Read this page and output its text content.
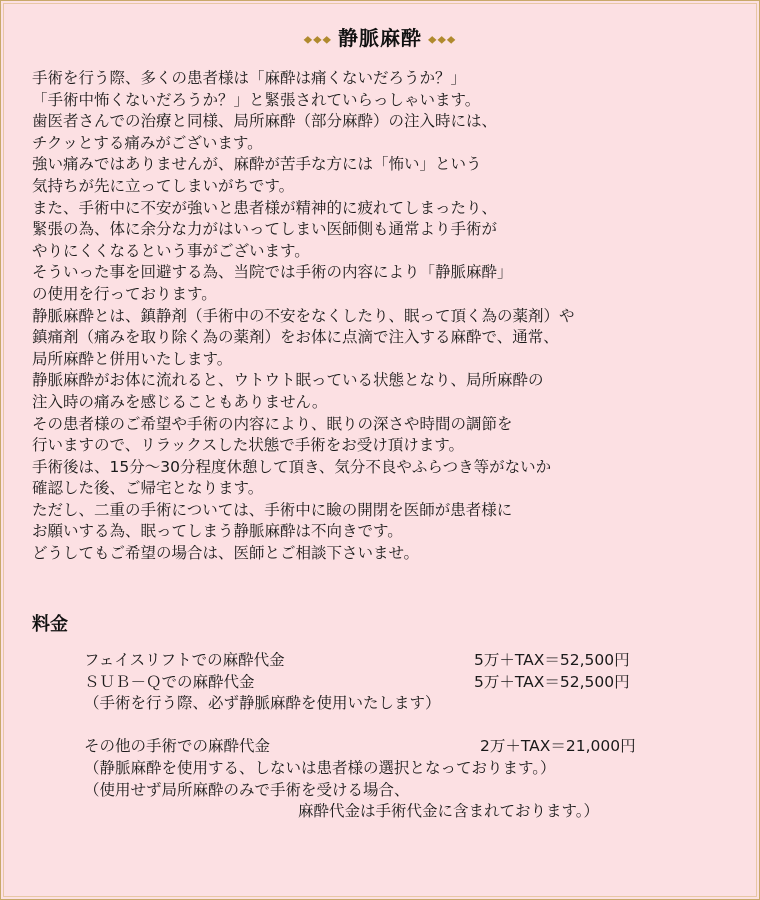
◆◆◆ 静脈麻酔 ◆◆◆
手術を行う際、多くの患者様は「麻酔は痛くないだろうか？」
「手術中怖くないだろうか？」と緊張されていらっしゃいます。
歯医者さんでの治療と同様、局所麻酔（部分麻酔）の注入時には、
チクッとする痛みがございます。
強い痛みではありませんが、麻酔が苦手な方には「怖い」という
気持ちが先に立ってしまいがちです。
また、手術中に不安が強いと患者様が精神的に疲れてしまったり、
緊張の為、体に余分な力がはいってしまい医師側も通常より手術が
やりにくくなるという事がございます。
そういった事を回避する為、当院では手術の内容により「静脈麻酔」
の使用を行っております。
静脈麻酔とは、鎮静剤（手術中の不安をなくしたり、眠って頂く為の薬剤）や
鎮痛剤（痛みを取り除く為の薬剤）をお体に点滴で注入する麻酔で、通常、
局所麻酔と併用いたします。
静脈麻酔がお体に流れると、ウトウト眠っている状態となり、局所麻酔の
注入時の痛みを感じることもありません。
その患者様のご希望や手術の内容により、眠りの深さや時間の調節を
行いますので、リラックスした状態で手術をお受け頂けます。
手術後は、15分～30分程度休憩して頂き、気分不良やふらつき等がないか
確認した後、ご帰宅となります。
ただし、二重の手術については、手術中に瞼の開閉を医師が患者様に
お願いする為、眠ってしまう静脈麻酔は不向きです。
どうしてもご希望の場合は、医師とご相談下さいませ。
料金
フェイスリフトでの麻酔代金	5万＋TAX＝52,500円
ＳＵＢ－Ｑでの麻酔代金	5万＋TAX＝52,500円
（手術を行う際、必ず静脈麻酔を使用いたします）
その他の手術での麻酔代金	2万＋TAX＝21,000円
（静脈麻酔を使用する、しないは患者様の選択となっております。）
（使用せず局所麻酔のみで手術を受ける場合、
麻酔代金は手術代金に含まれております。）
